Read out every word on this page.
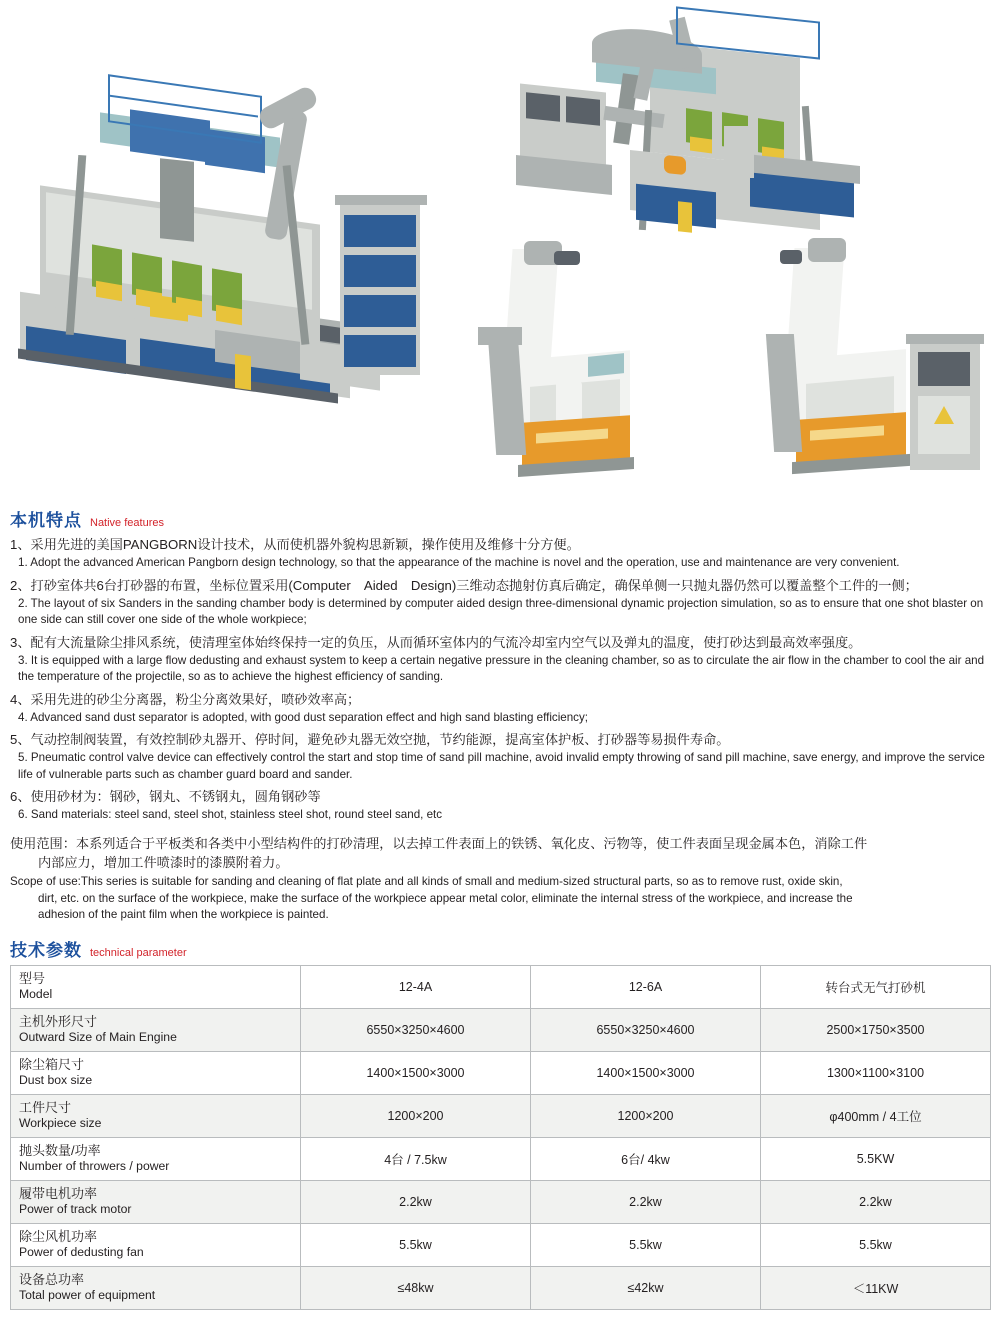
本机特点 Native features

1、采用先进的美国PANGBORN设计技术，从而使机器外貌构思新颖，操作使用及维修十分方便。

1. Adopt the advanced American Pangborn design technology, so that the appearance of the machine is novel and the operation, use and maintenance are very convenient.

2、打砂室体共6台打砂器的布置，坐标位置采用(Computer　Aided　Design)三维动态抛射仿真后确定，确保单侧一只抛丸器仍然可以覆盖整个工件的一侧；

2. The layout of six Sanders in the sanding chamber body is determined by computer aided design three-dimensional dynamic projection simulation, so as to ensure that one shot blaster on one side can still cover one side of the whole workpiece;

3、配有大流量除尘排风系统，使清理室体始终保持一定的负压，从而循环室体内的气流冷却室内空气以及弹丸的温度，使打砂达到最高效率强度。

3. It is equipped with a large flow dedusting and exhaust system to keep a certain negative pressure in the cleaning chamber, so as to circulate the air flow in the chamber to cool the air and the temperature of the projectile, so as to achieve the highest efficiency of sanding.

4、采用先进的砂尘分离器，粉尘分离效果好，喷砂效率高；

4. Advanced sand dust separator is adopted, with good dust separation effect and high sand blasting efficiency;

5、气动控制阀装置，有效控制砂丸器开、停时间，避免砂丸器无效空抛，节约能源，提高室体护板、打砂器等易损件寿命。

5. Pneumatic control valve device can effectively control the start and stop time of sand pill machine, avoid invalid empty throwing of sand pill machine, save energy, and improve the service life of vulnerable parts such as chamber guard board and sander.

6、使用砂材为：钢砂，钢丸、不锈钢丸，圆角钢砂等

6. Sand materials: steel sand, steel shot, stainless steel shot, round steel sand, etc

使用范围：本系列适合于平板类和各类中小型结构件的打砂清理，以去掉工件表面上的铁锈、氧化皮、污物等，使工件表面呈现金属本色，消除工件
内部应力，增加工件喷漆时的漆膜附着力。

Scope of use:This series is suitable for sanding and cleaning of flat plate and all kinds of small and medium-sized structural parts, so as to remove rust, oxide skin,
dirt, etc. on the surface of the workpiece, make the surface of the workpiece appear metal color, eliminate the internal stress of the workpiece, and increase the
adhesion of the paint film when the workpiece is painted.

技术参数 technical parameter
型号
Model	12-4A	12-6A	转台式无气打砂机

主机外形尺寸
Outward Size of Main Engine	6550×3250×4600	6550×3250×4600	2500×1750×3500

除尘箱尺寸
Dust box size	1400×1500×3000	1400×1500×3000	1300×1100×3100

工件尺寸
Workpiece size	1200×200	1200×200	φ400mm / 4工位

抛头数量/功率
Number of throwers / power	4台 / 7.5kw	6台/ 4kw	5.5KW

履带电机功率
Power of track motor	2.2kw	2.2kw	2.2kw

除尘风机功率
Power of dedusting fan	5.5kw	5.5kw	5.5kw

设备总功率
Total power of equipment	≤48kw	≤42kw	＜11KW
